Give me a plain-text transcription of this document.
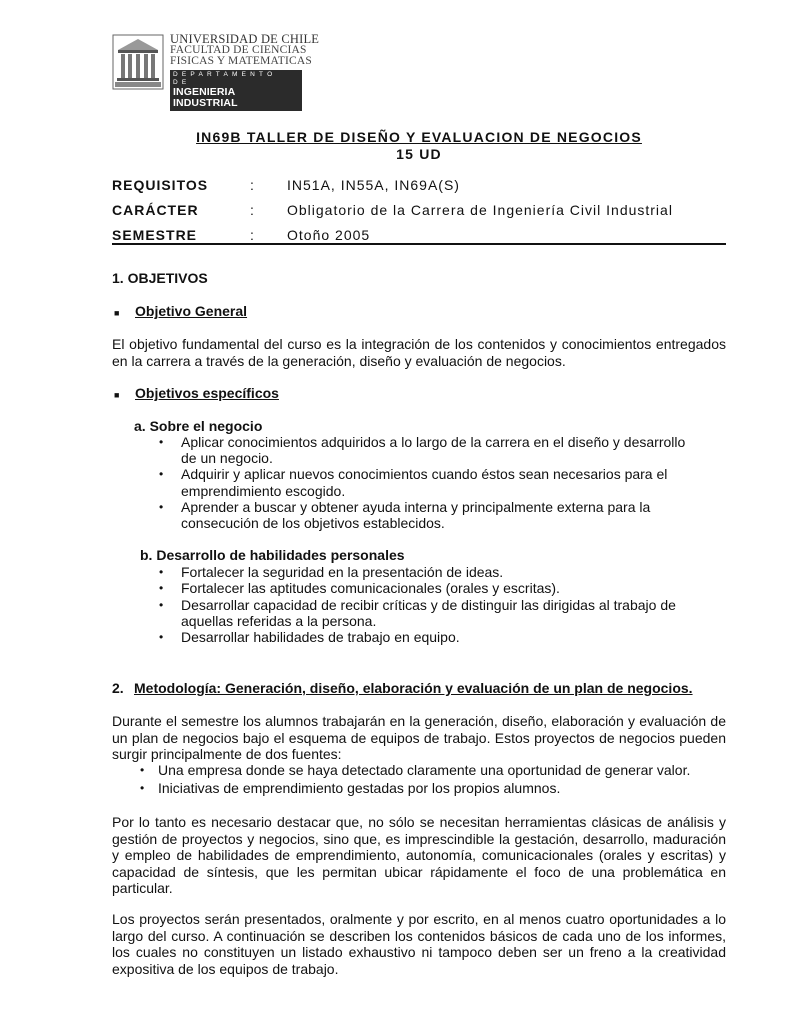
UNIVERSIDAD DE CHILE
FACULTAD DE CIENCIAS
FISICAS Y MATEMATICAS
DEPARTAMENTO DE
INGENIERIA INDUSTRIAL
IN69B TALLER DE DISEÑO Y EVALUACION DE NEGOCIOS
15 UD
REQUISITOS	: IN51A, IN55A, IN69A(S)
CARÁCTER	: Obligatorio de la Carrera de Ingeniería Civil Industrial
SEMESTRE	: Otoño 2005
1. OBJETIVOS
■ Objetivo General
El objetivo fundamental del curso es la integración de los contenidos y conocimientos entregados en la carrera a través de la generación, diseño y evaluación de negocios.
■ Objetivos específicos
a. Sobre el negocio
• Aplicar conocimientos adquiridos a lo largo de la carrera en el diseño y desarrollo
de un negocio.
• Adquirir y aplicar nuevos conocimientos cuando éstos sean necesarios para el
emprendimiento escogido.
• Aprender a buscar y obtener ayuda interna y principalmente externa para la
consecución de los objetivos establecidos.
b. Desarrollo de habilidades personales
• Fortalecer la seguridad en la presentación de ideas.
• Fortalecer las aptitudes comunicacionales (orales y escritas).
• Desarrollar capacidad de recibir críticas y de distinguir las dirigidas al trabajo de
aquellas referidas a la persona.
• Desarrollar habilidades de trabajo en equipo.
2. Metodología: Generación, diseño, elaboración y evaluación de un plan de negocios.
Durante el semestre los alumnos trabajarán en la generación, diseño, elaboración y evaluación de un plan de negocios bajo el esquema de equipos de trabajo. Estos proyectos de negocios pueden surgir principalmente de dos fuentes:
• Una empresa donde se haya detectado claramente una oportunidad de generar valor.
• Iniciativas de emprendimiento gestadas por los propios alumnos.
Por lo tanto es necesario destacar que, no sólo se necesitan herramientas clásicas de análisis y gestión de proyectos y negocios, sino que, es imprescindible la gestación, desarrollo, maduración y empleo de habilidades de emprendimiento, autonomía, comunicacionales (orales y escritas) y capacidad de síntesis, que les permitan ubicar rápidamente el foco de una problemática en particular.
Los proyectos serán presentados, oralmente y por escrito, en al menos cuatro oportunidades a lo largo del curso. A continuación se describen los contenidos básicos de cada uno de los informes, los cuales no constituyen un listado exhaustivo ni tampoco deben ser un freno a la creatividad expositiva de los equipos de trabajo.
